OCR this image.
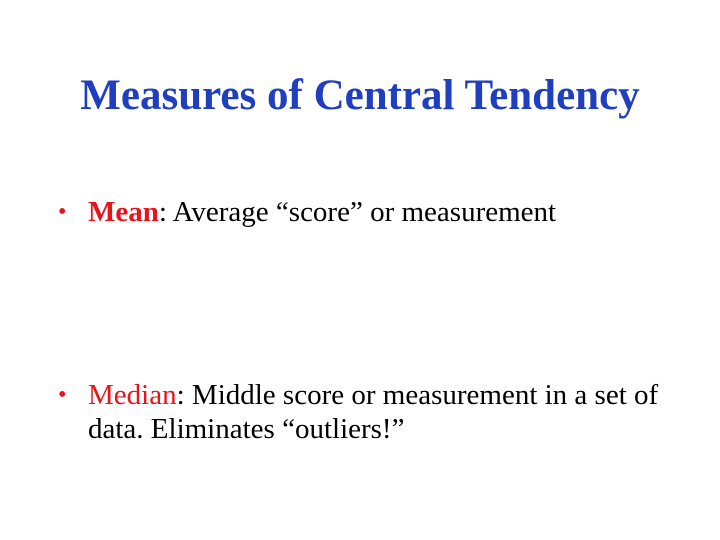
Measures of Central Tendency
• Mean: Average “score” or measurement
• Median: Middle score or measurement in a set of data. Eliminates “outliers!”
